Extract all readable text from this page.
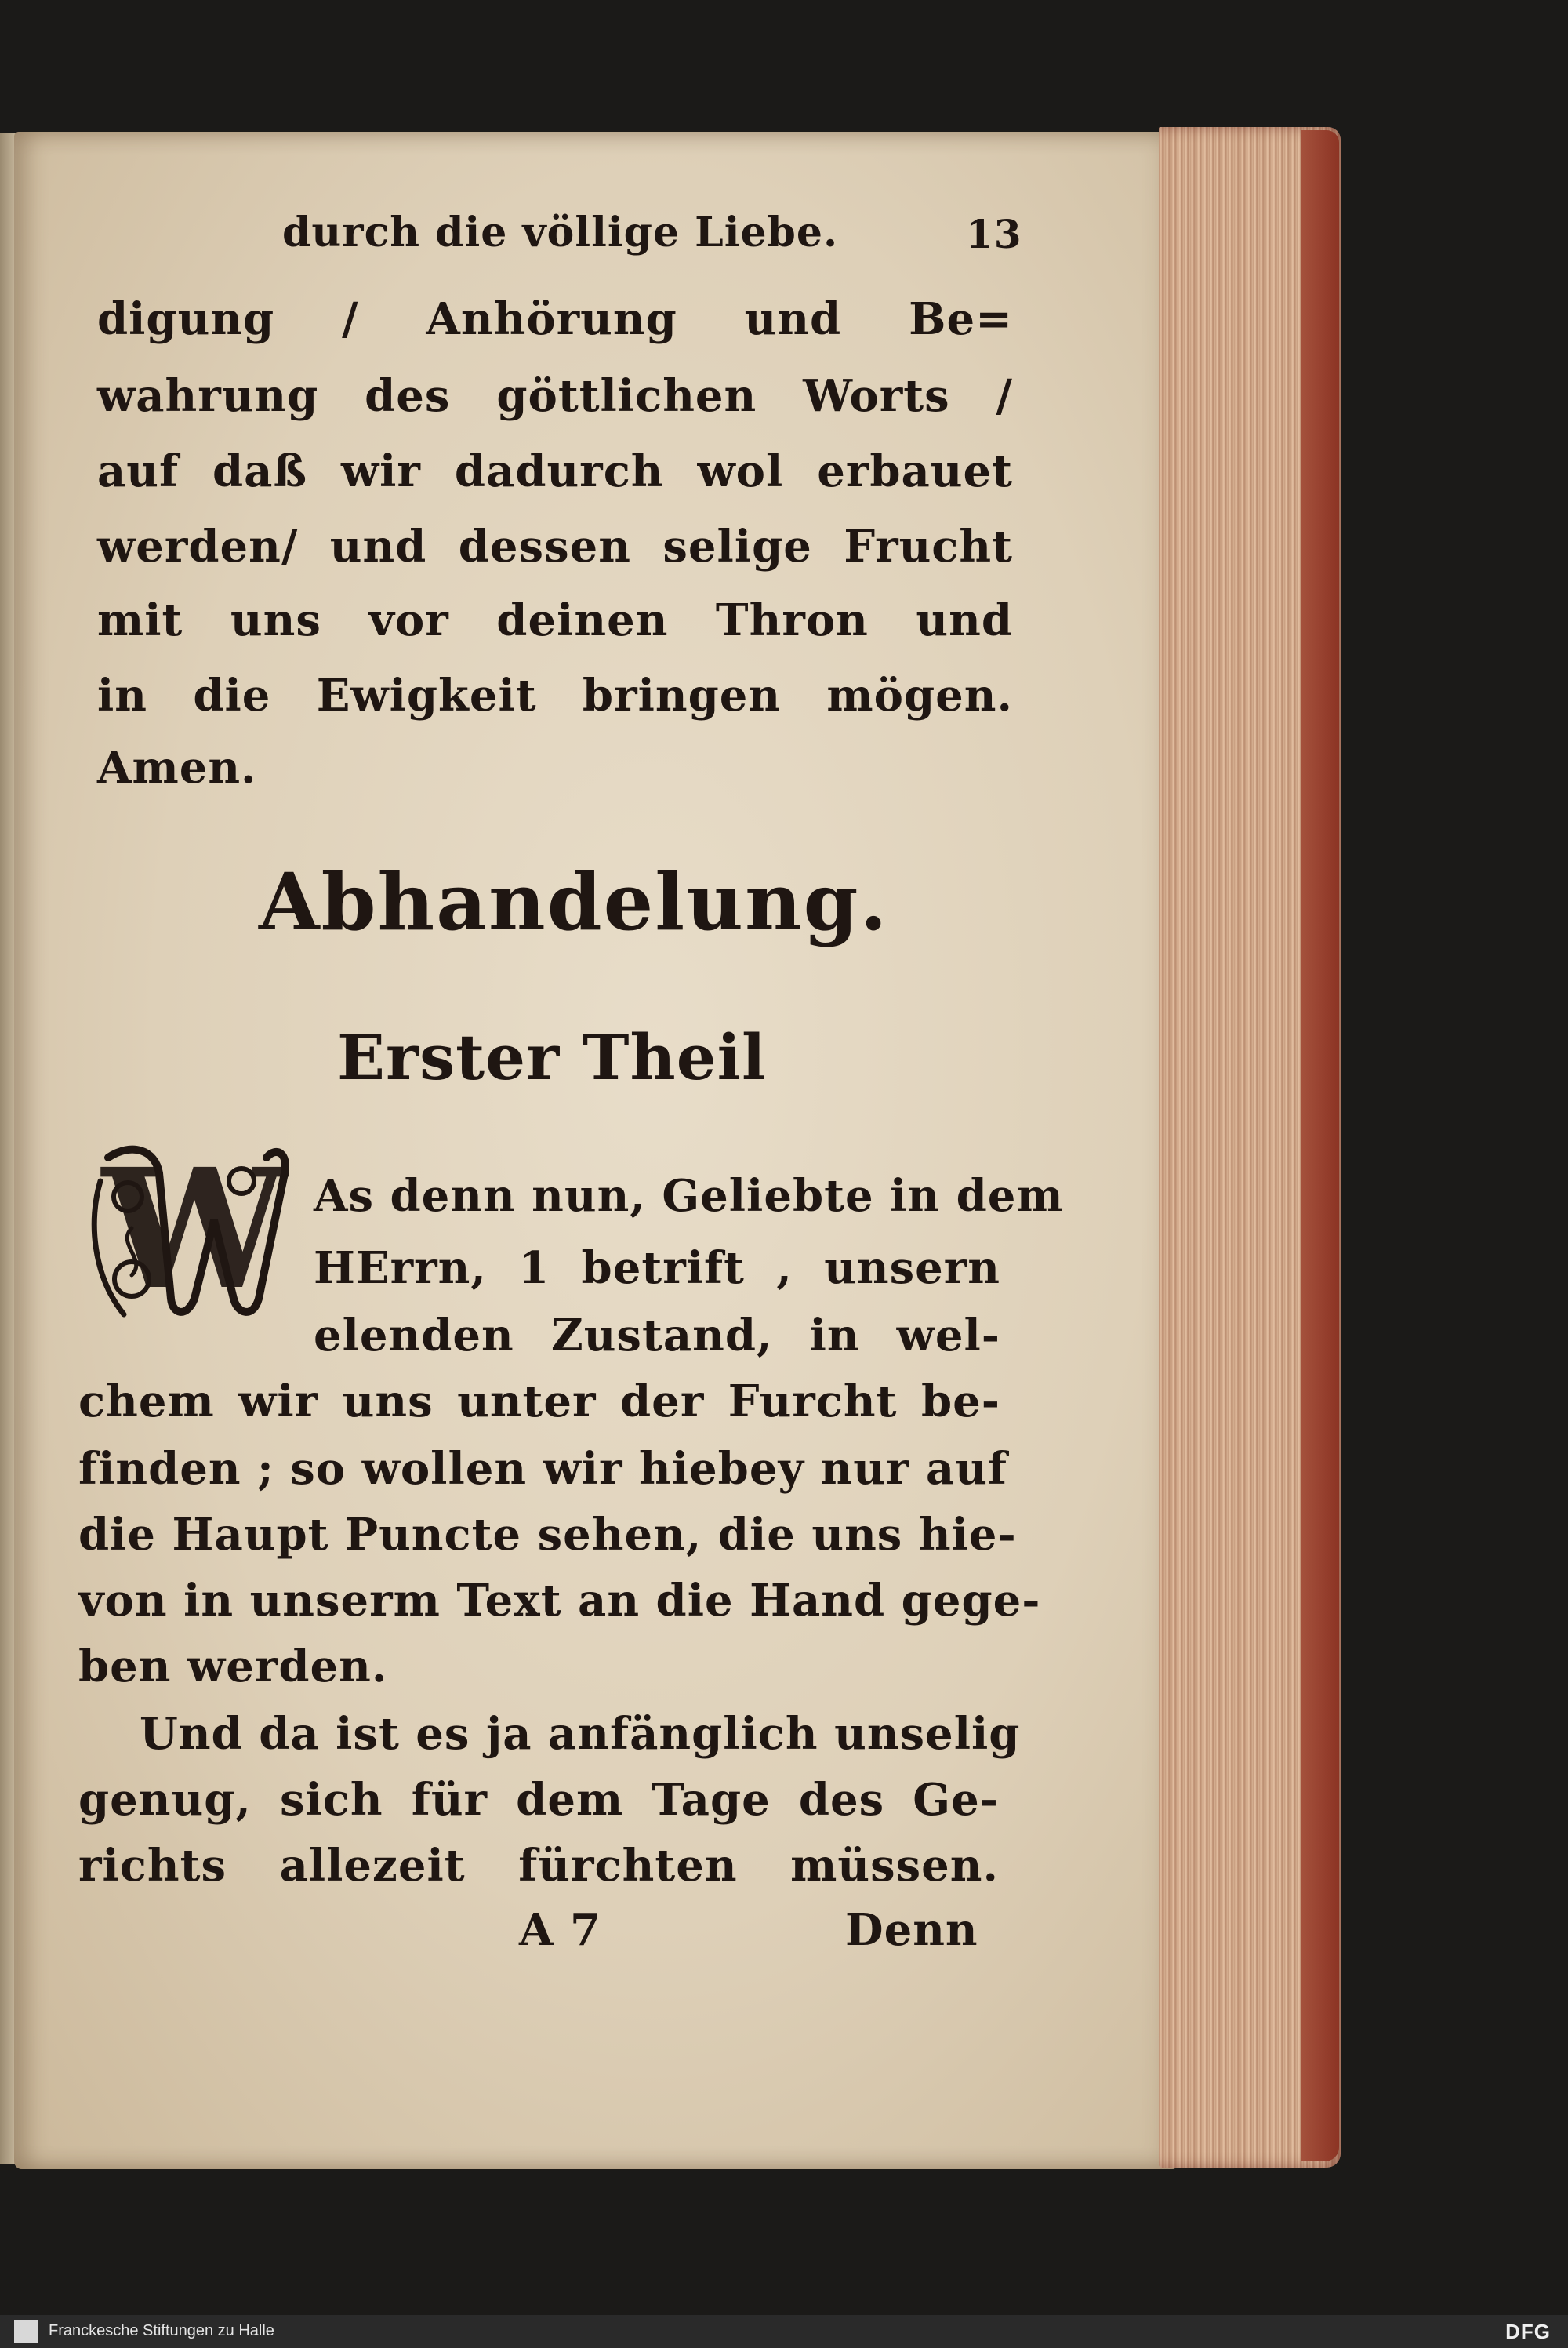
durch die völlige Liebe.	13
digung / Anhörung und Be=
wahrung des göttlichen Worts /
auf daß wir dadurch wol erbauet
werden/ und dessen selige Frucht
mit uns vor deinen Thron und
in die Ewigkeit bringen mögen.
Amen.
Abhandelung.
Erster Theil
W As denn nun, Geliebte in dem
HErrn, 1 betrift , unsern
elenden Zustand, in wel-
chem wir uns unter der Furcht be-
finden ; so wollen wir hiebey nur auf
die Haupt Puncte sehen, die uns hie-
von in unserm Text an die Hand gege-
ben werden.
Und da ist es ja anfänglich unselig
genug, sich für dem Tage des Ge-
richts allezeit fürchten müssen.
A 7	Denn
Franckesche Stiftungen zu Halle	DFG
